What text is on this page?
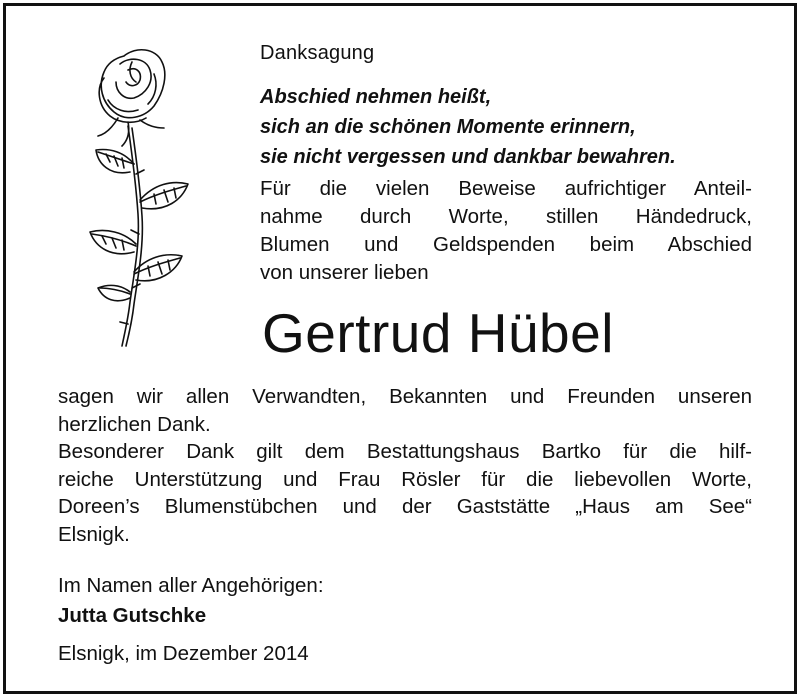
Danksagung
Abschied nehmen heißt,
sich an die schönen Momente erinnern,
sie nicht vergessen und dankbar bewahren.
Für die vielen Beweise aufrichtiger Anteil-
nahme durch Worte, stillen Händedruck,
Blumen und Geldspenden beim Abschied
von unserer lieben
Gertrud Hübel
sagen wir allen Verwandten, Bekannten und Freunden unseren
herzlichen Dank.
Besonderer Dank gilt dem Bestattungshaus Bartko für die hilf-
reiche Unterstützung und Frau Rösler für die liebevollen Worte,
Doreen’s Blumenstübchen und der Gaststätte „Haus am See“
Elsnigk.
Im Namen aller Angehörigen:
Jutta Gutschke
Elsnigk, im Dezember 2014
